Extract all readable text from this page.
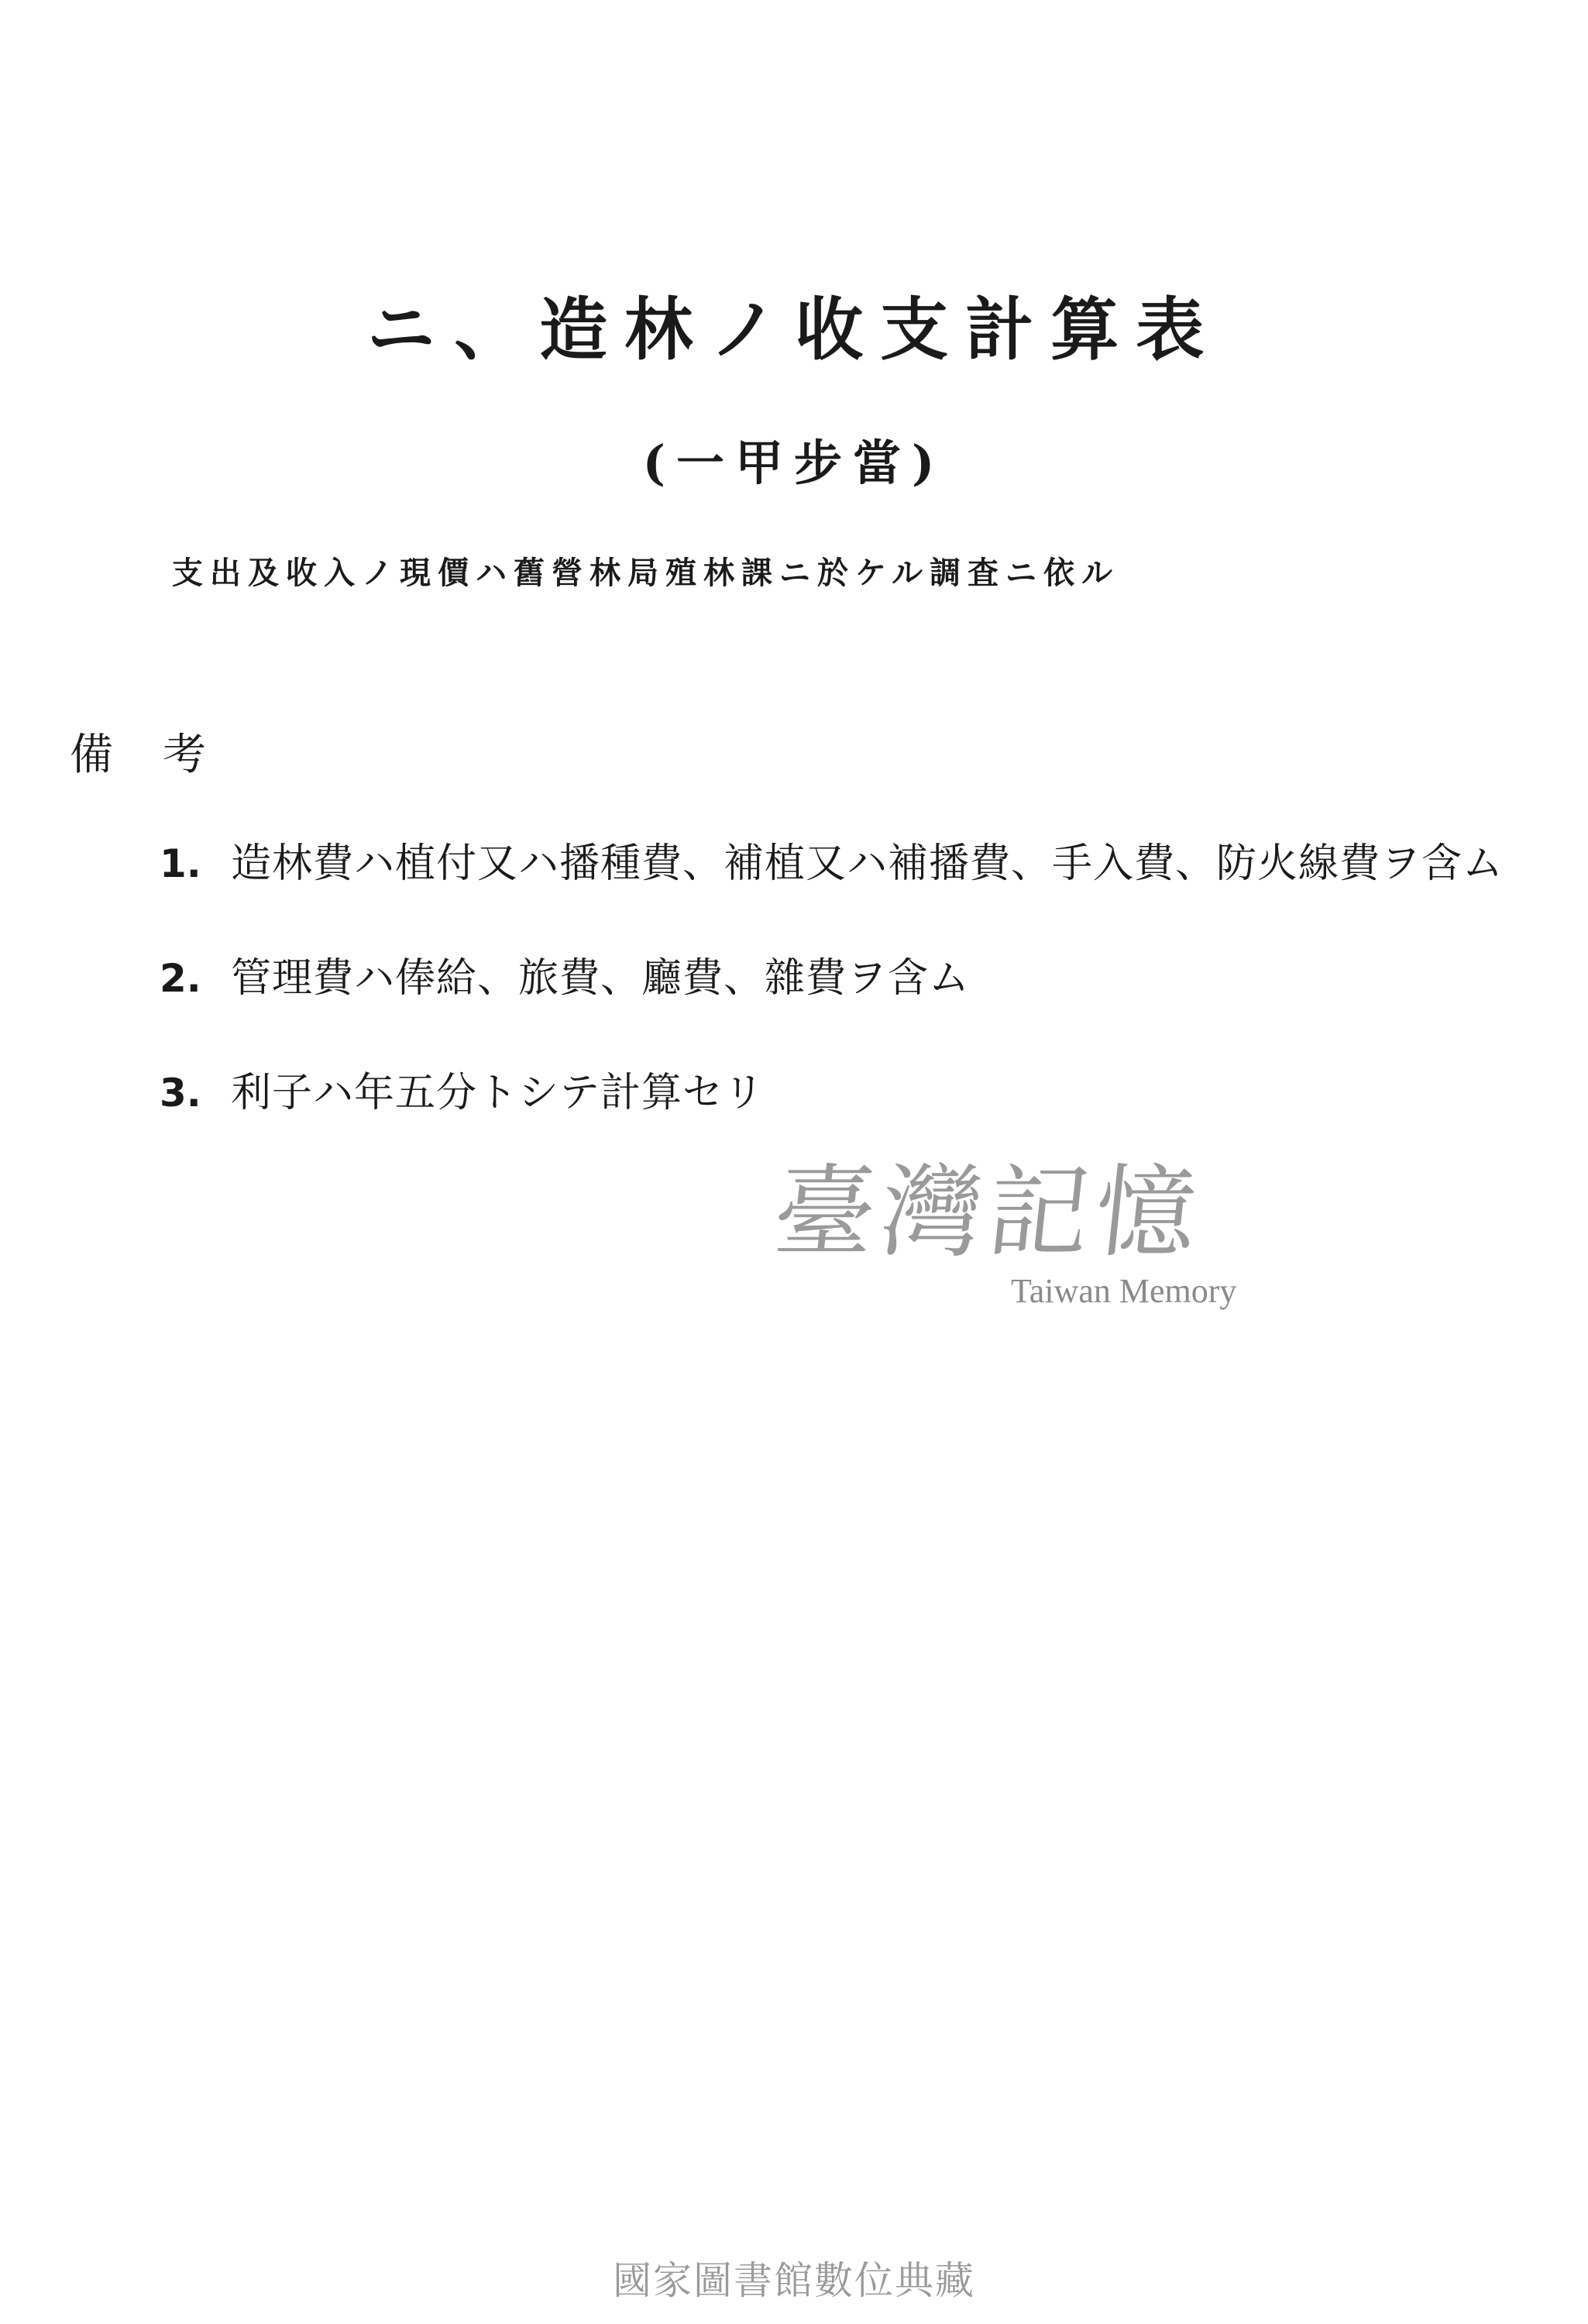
ニ、造林ノ收支計算表
(一甲步當)
支出及收入ノ現價ハ舊營林局殖林課ニ於ケル調査ニ依ル
備考
1. 造林費ハ植付又ハ播種費、補植又ハ補播費、手入費、防火線費ヲ含ム
2. 管理費ハ俸給、旅費、廳費、雜費ヲ含ム
3. 利子ハ年五分トシテ計算セリ
臺灣記憶
Taiwan Memory
國家圖書館數位典藏
